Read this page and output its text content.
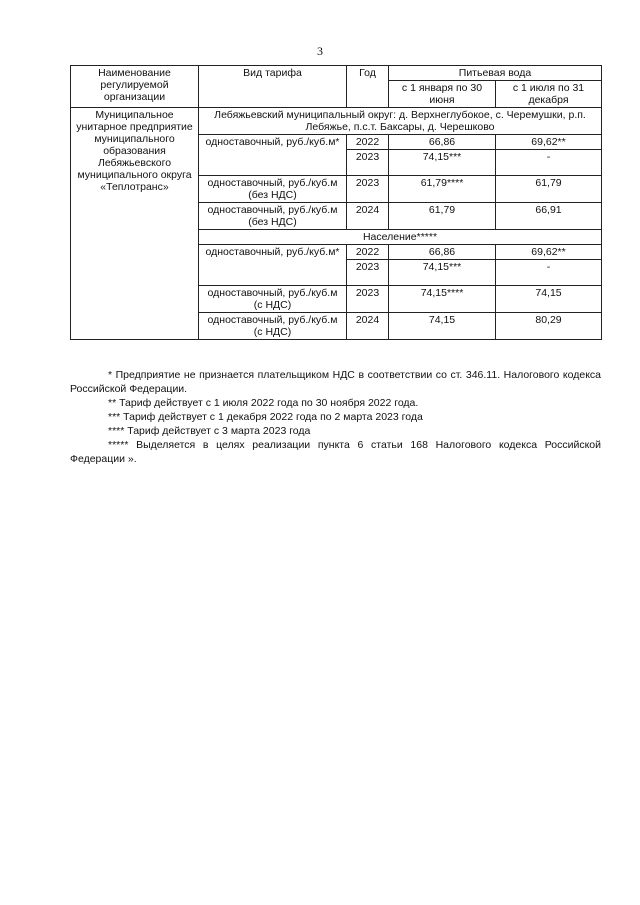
3
Наименование регулируемой организации	Вид тарифа	Год	Питьевая вода	
			с 1 января по 30 июня	с 1 июля по 31 декабря
Муниципальное унитарное предприятие муниципального образования Лебяжьевского муниципального округа «Теплотранс»	Лебяжьевский муниципальный округ: д. Верхнеглубокое, с. Черемушки, р.п. Лебяжье, п.с.т. Баксары, д. Черешково			
	одноставочный, руб./куб.м*	2022	66,86	69,62**
		2023	74,15***	-
	одноставочный, руб./куб.м (без НДС)	2023	61,79****	61,79
	одноставочный, руб./куб.м (без НДС)	2024	61,79	66,91
	Население*****			
	одноставочный, руб./куб.м*	2022	66,86	69,62**
		2023	74,15***	-
	одноставочный, руб./куб.м (с НДС)	2023	74,15****	74,15
	одноставочный, руб./куб.м (с НДС)	2024	74,15	80,29

* Предприятие не признается плательщиком НДС в соответствии со ст. 346.11. Налогового кодекса Российской Федерации.

** Тариф действует с 1 июля 2022 года по 30 ноября 2022 года.

*** Тариф действует с 1 декабря 2022 года по 2 марта 2023 года

**** Тариф действует с 3 марта 2023 года

***** Выделяется в целях реализации пункта 6 статьи 168 Налогового кодекса Российской Федерации ».
